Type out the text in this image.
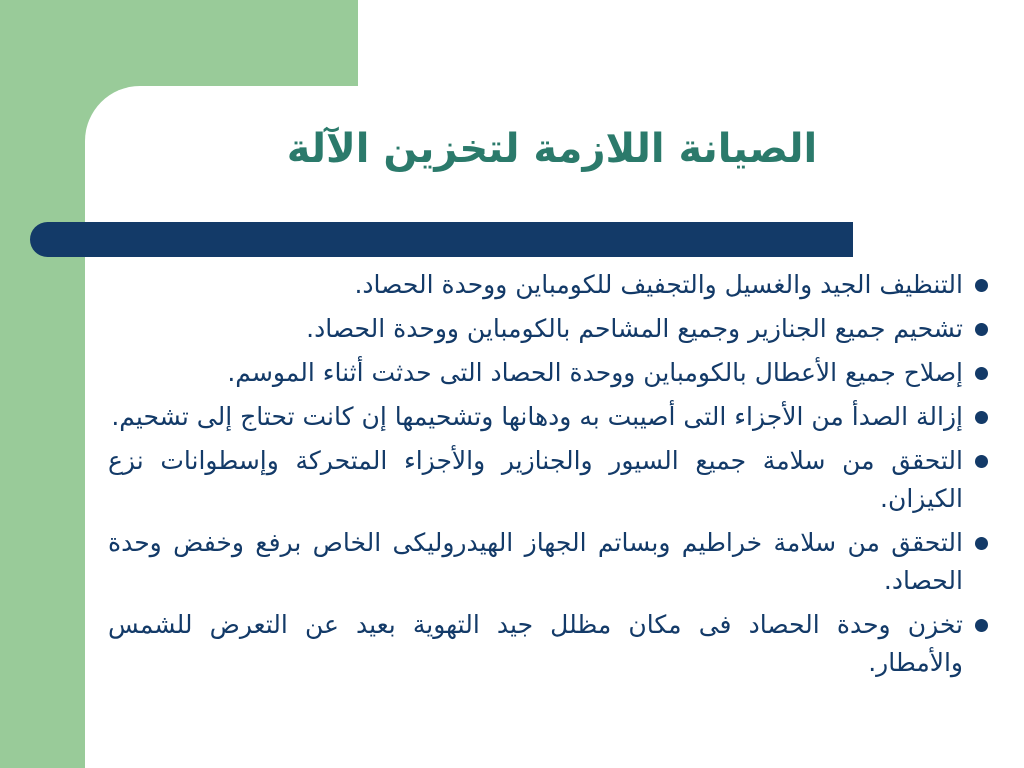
الصيانة اللازمة لتخزين الآلة
التنظيف الجيد والغسيل والتجفيف للكومباين ووحدة الحصاد.
تشحيم جميع الجنازير وجميع المشاحم بالكومباين ووحدة الحصاد.
إصلاح جميع الأعطال بالكومباين ووحدة الحصاد التى حدثت أثناء الموسم.
إزالة الصدأ من الأجزاء التى أصيبت به ودهانها وتشحيمها إن كانت تحتاج إلى تشحيم.
التحقق من سلامة جميع السيور والجنازير والأجزاء المتحركة وإسطوانات نزع الكيزان.
التحقق من سلامة خراطيم وبساتم الجهاز الهيدروليكى الخاص برفع وخفض وحدة الحصاد.
تخزن وحدة الحصاد فى مكان مظلل جيد التهوية بعيد عن التعرض للشمس والأمطار.
